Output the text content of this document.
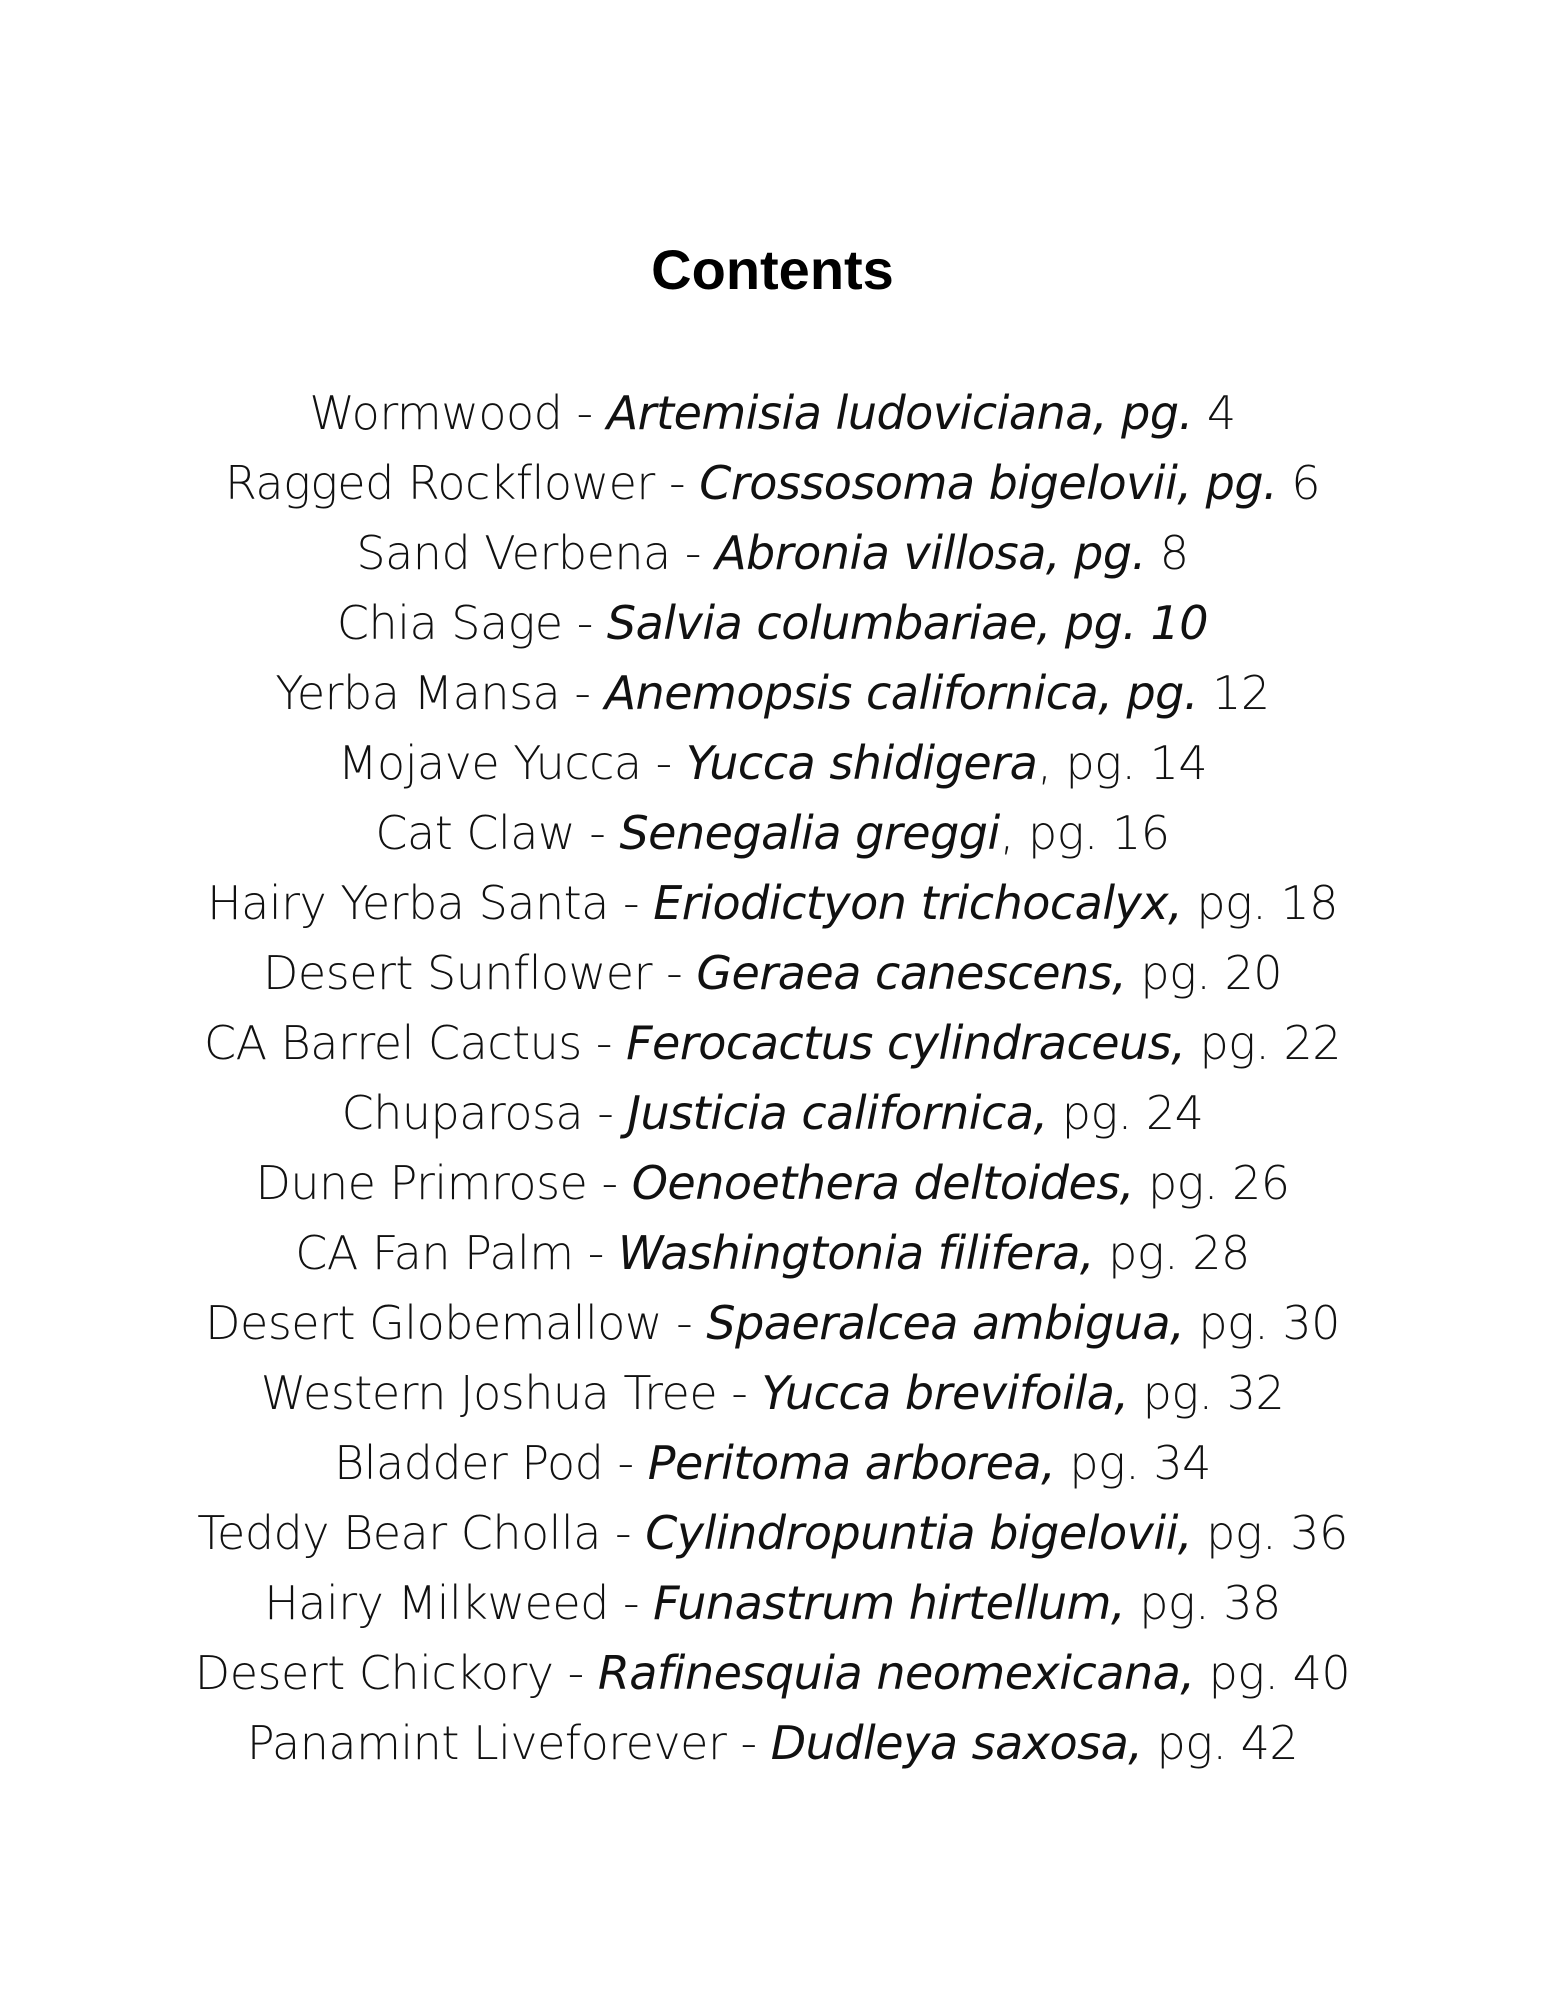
Contents
Wormwood - Artemisia ludoviciana, pg. 4
Ragged Rockflower - Crossosoma bigelovii, pg. 6
Sand Verbena - Abronia villosa, pg. 8
Chia Sage - Salvia columbariae, pg. 10
Yerba Mansa - Anemopsis californica, pg. 12
Mojave Yucca - Yucca shidigera, pg. 14
Cat Claw - Senegalia greggi, pg. 16
Hairy Yerba Santa - Eriodictyon trichocalyx, pg. 18
Desert Sunflower - Geraea canescens, pg. 20
CA Barrel Cactus - Ferocactus cylindraceus, pg. 22
Chuparosa - Justicia californica, pg. 24
Dune Primrose - Oenoethera deltoides, pg. 26
CA Fan Palm - Washingtonia filifera, pg. 28
Desert Globemallow - Spaeralcea ambigua, pg. 30
Western Joshua Tree - Yucca brevifoila, pg. 32
Bladder Pod - Peritoma arborea, pg. 34
Teddy Bear Cholla - Cylindropuntia bigelovii, pg. 36
Hairy Milkweed - Funastrum hirtellum, pg. 38
Desert Chickory - Rafinesquia neomexicana, pg. 40
Panamint Liveforever - Dudleya saxosa, pg. 42
